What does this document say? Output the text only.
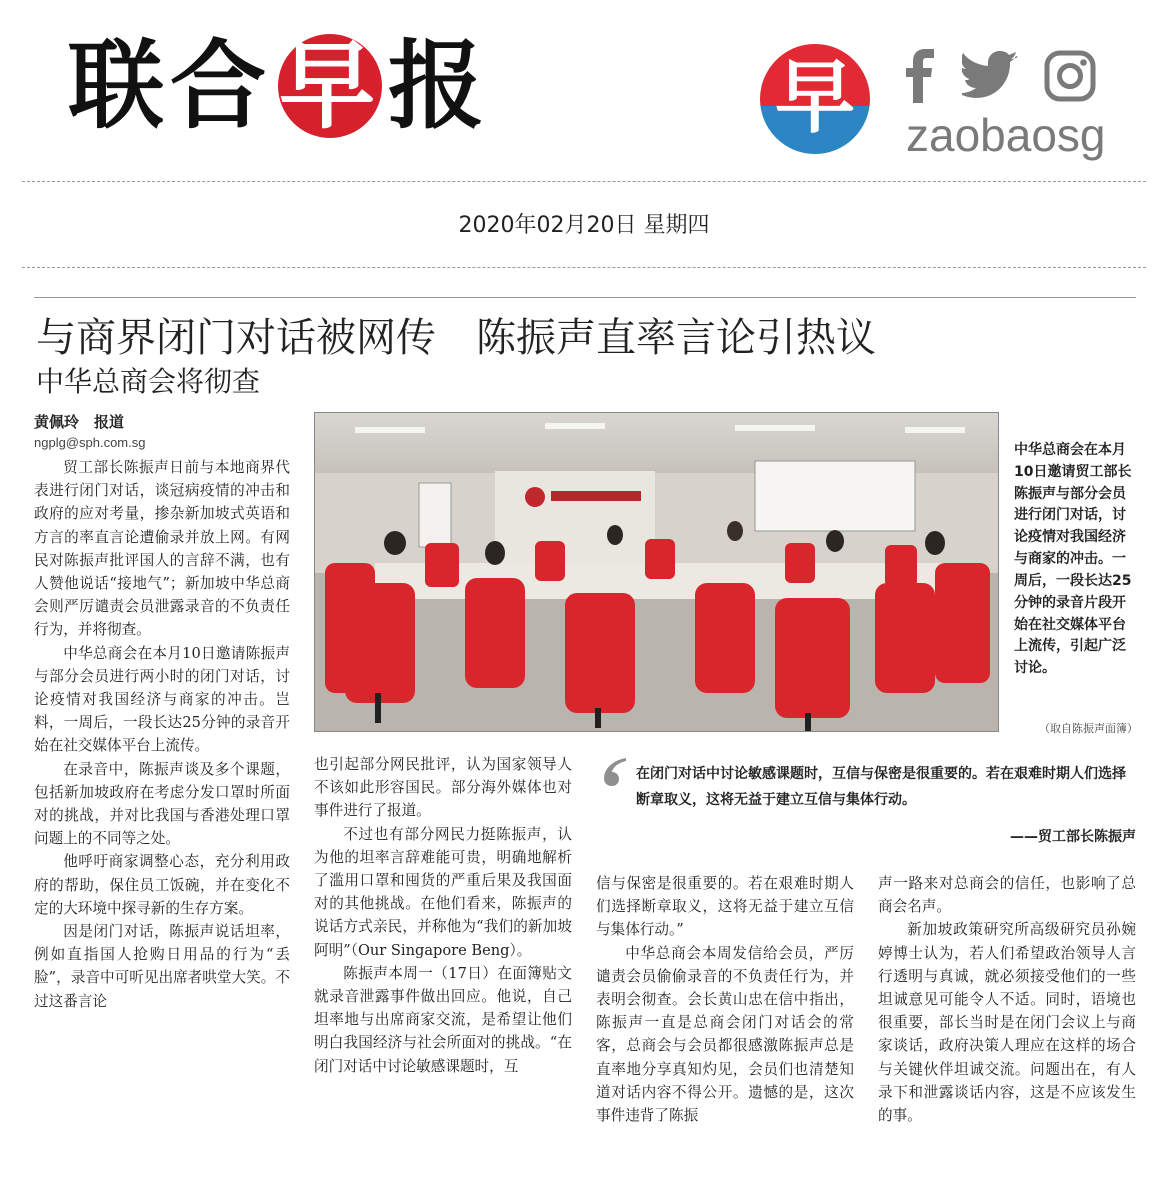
联 合 早 报	早	zaobaosg
2020年02月20日 星期四
与商界闭门对话被网传　陈振声直率言论引热议
中华总商会将彻查
黄佩玲　报道
ngplg@sph.com.sg

贸工部长陈振声日前与本地商界代表进行闭门对话，谈冠病疫情的冲击和政府的应对考量，掺杂新加坡式英语和方言的率直言论遭偷录并放上网。有网民对陈振声批评国人的言辞不满，也有人赞他说话“接地气”；新加坡中华总商会则严厉谴责会员泄露录音的不负责任行为，并将彻查。

中华总商会在本月10日邀请陈振声与部分会员进行两小时的闭门对话，讨论疫情对我国经济与商家的冲击。岂料，一周后，一段长达25分钟的录音开始在社交媒体平台上流传。

在录音中，陈振声谈及多个课题，包括新加坡政府在考虑分发口罩时所面对的挑战，并对比我国与香港处理口罩问题上的不同等之处。

他呼吁商家调整心态，充分利用政府的帮助，保住员工饭碗，并在变化不定的大环境中探寻新的生存方案。

因是闭门对话，陈振声说话坦率，例如直指国人抢购日用品的行为“丢脸”，录音中可听见出席者哄堂大笑。不过这番言论

中华总商会在本月10日邀请贸工部长陈振声与部分会员进行闭门对话，讨论疫情对我国经济与商家的冲击。一周后，一段长达25分钟的录音片段开始在社交媒体平台上流传，引起广泛讨论。
（取自陈振声面簿）
在闭门对话中讨论敏感课题时，互信与保密是很重要的。若在艰难时期人们选择断章取义，这将无益于建立互信与集体行动。
——贸工部长陈振声

也引起部分网民批评，认为国家领导人不该如此形容国民。部分海外媒体也对事件进行了报道。

不过也有部分网民力挺陈振声，认为他的坦率言辞难能可贵，明确地解析了滥用口罩和囤货的严重后果及我国面对的其他挑战。在他们看来，陈振声的说话方式亲民，并称他为“我们的新加坡阿明”（Our Singapore Beng）。

陈振声本周一（17日）在面簿贴文就录音泄露事件做出回应。他说，自己坦率地与出席商家交流，是希望让他们明白我国经济与社会所面对的挑战。“在闭门对话中讨论敏感课题时，互

信与保密是很重要的。若在艰难时期人们选择断章取义，这将无益于建立互信与集体行动。”

中华总商会本周发信给会员，严厉谴责会员偷偷录音的不负责任行为，并表明会彻查。会长黄山忠在信中指出，陈振声一直是总商会闭门对话会的常客，总商会与会员都很感激陈振声总是直率地分享真知灼见，会员们也清楚知道对话内容不得公开。遗憾的是，这次事件违背了陈振

声一路来对总商会的信任，也影响了总商会名声。

新加坡政策研究所高级研究员孙婉婷博士认为，若人们希望政治领导人言行透明与真诚，就必须接受他们的一些坦诚意见可能令人不适。同时，语境也很重要，部长当时是在闭门会议上与商家谈话，政府决策人理应在这样的场合与关键伙伴坦诚交流。问题出在，有人录下和泄露谈话内容，这是不应该发生的事。
